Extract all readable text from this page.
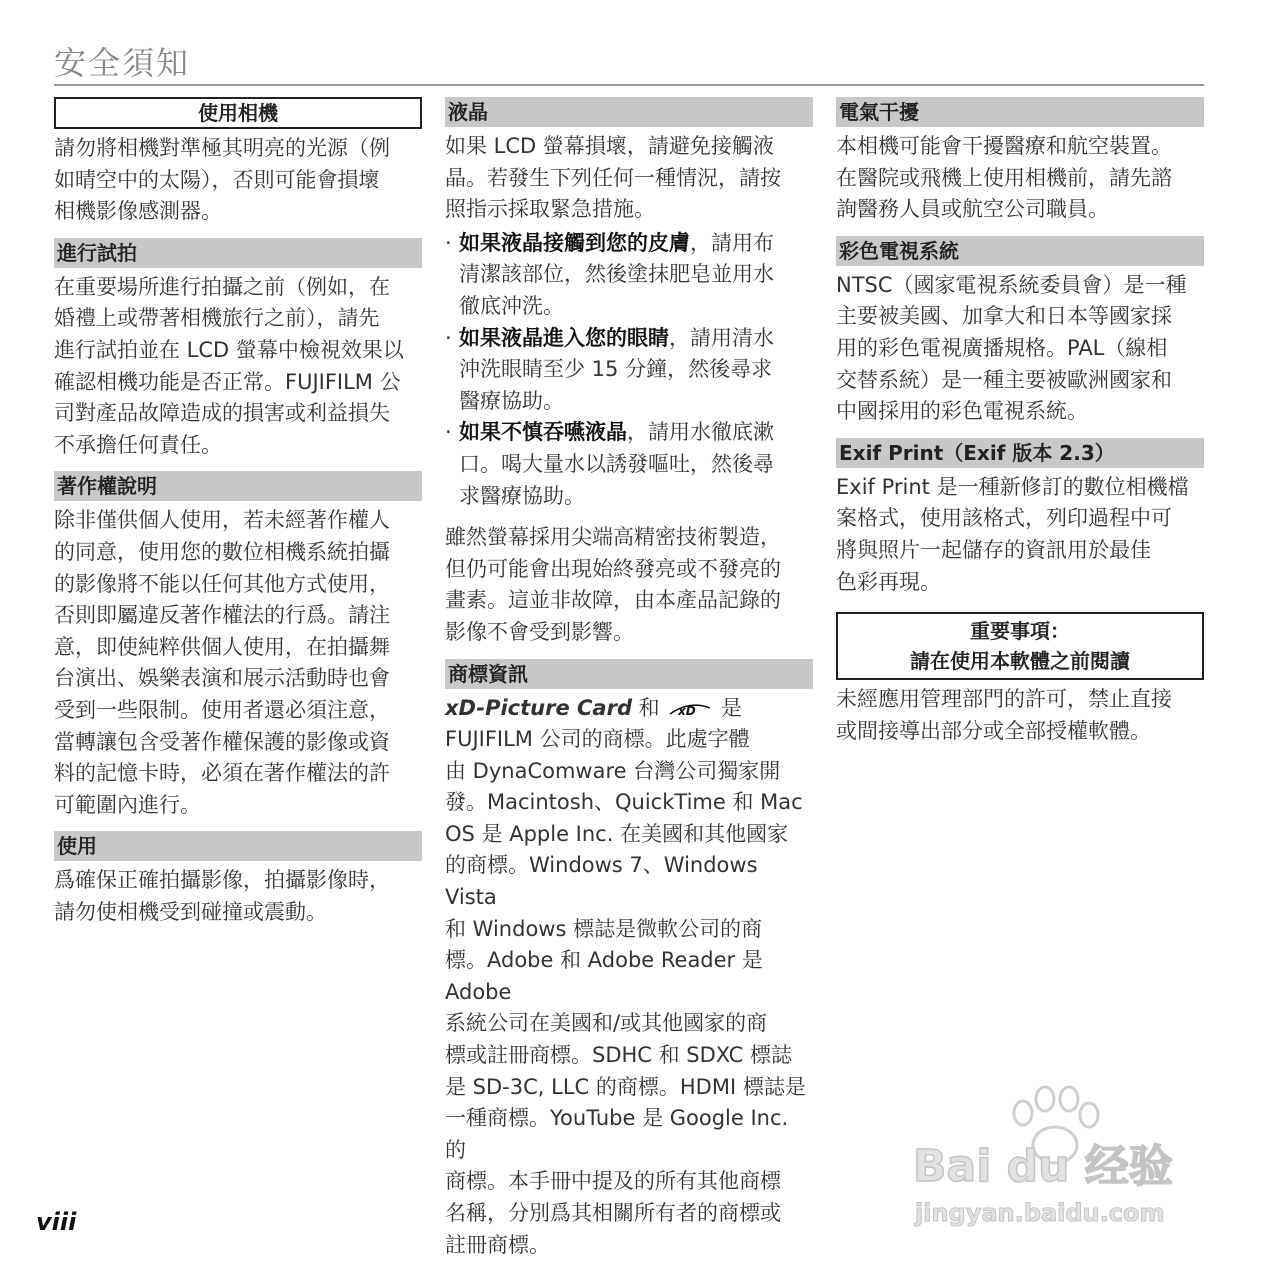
安全須知
使用相機

請勿將相機對準極其明亮的光源（例
如晴空中的太陽），否則可能會損壞
相機影像感測器。

進行試拍

在重要場所進行拍攝之前（例如，在
婚禮上或帶著相機旅行之前），請先
進行試拍並在 LCD 螢幕中檢視效果以
確認相機功能是否正常。FUJIFILM 公
司對產品故障造成的損害或利益損失
不承擔任何責任。

著作權說明

除非僅供個人使用，若未經著作權人
的同意，使用您的數位相機系統拍攝
的影像將不能以任何其他方式使用，
否則即屬違反著作權法的行爲。請注
意，即使純粹供個人使用，在拍攝舞
台演出、娛樂表演和展示活動時也會
受到一些限制。使用者還必須注意，
當轉讓包含受著作權保護的影像或資
料的記憶卡時，必須在著作權法的許
可範圍內進行。

使用

爲確保正確拍攝影像，拍攝影像時，
請勿使相機受到碰撞或震動。

液晶

如果 LCD 螢幕損壞，請避免接觸液
晶。若發生下列任何一種情況，請按
照指示採取緊急措施。

· 如果液晶接觸到您的皮膚，請用布
清潔該部位，然後塗抹肥皂並用水
徹底沖洗。
· 如果液晶進入您的眼睛，請用清水
沖洗眼睛至少 15 分鐘，然後尋求
醫療協助。
· 如果不慎吞嚥液晶，請用水徹底漱
口。喝大量水以誘發嘔吐，然後尋
求醫療協助。

雖然螢幕採用尖端高精密技術製造，
但仍可能會出現始終發亮或不發亮的
畫素。這並非故障，由本產品記錄的
影像不會受到影響。

商標資訊
xD-Picture Card 和 xD 是

FUJIFILM 公司的商標。此處字體
由 DynaComware 台灣公司獨家開
發。Macintosh、QuickTime 和 Mac
OS 是 Apple Inc. 在美國和其他國家
的商標。Windows 7、Windows Vista
和 Windows 標誌是微軟公司的商
標。Adobe 和 Adobe Reader 是 Adobe
系統公司在美國和/或其他國家的商
標或註冊商標。SDHC 和 SDXC 標誌
是 SD-3C, LLC 的商標。HDMI 標誌是
一種商標。YouTube 是 Google Inc. 的
商標。本手冊中提及的所有其他商標
名稱，分別爲其相關所有者的商標或
註冊商標。

電氣干擾

本相機可能會干擾醫療和航空裝置。
在醫院或飛機上使用相機前，請先諮
詢醫務人員或航空公司職員。

彩色電視系統

NTSC（國家電視系統委員會）是一種
主要被美國、加拿大和日本等國家採
用的彩色電視廣播規格。PAL（線相
交替系統）是一種主要被歐洲國家和
中國採用的彩色電視系統。

Exif Print（Exif 版本 2.3）

Exif Print 是一種新修訂的數位相機檔
案格式，使用該格式，列印過程中可
將與照片一起儲存的資訊用於最佳
色彩再現。

重要事項：
請在使用本軟體之前閱讀

未經應用管理部門的許可，禁止直接
或間接導出部分或全部授權軟體。

viii
Bai du 经验
jingyan.baidu.com
